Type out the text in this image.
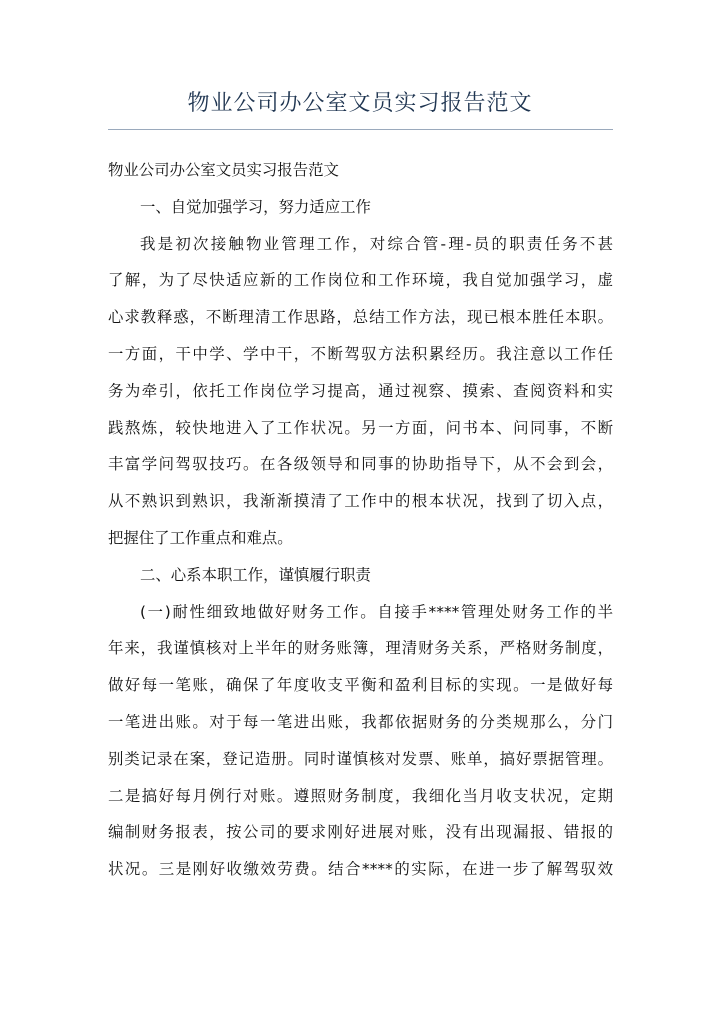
物业公司办公室文员实习报告范文
物业公司办公室文员实习报告范文
一、自觉加强学习，努力适应工作
我是初次接触物业管理工作，对综合管-理-员的职责任务不甚
了解，为了尽快适应新的工作岗位和工作环境，我自觉加强学习，虚
心求教释惑，不断理清工作思路，总结工作方法，现已根本胜任本职。
一方面，干中学、学中干，不断驾驭方法积累经历。我注意以工作任
务为牵引，依托工作岗位学习提高，通过视察、摸索、查阅资料和实
践熬炼，较快地进入了工作状况。另一方面，问书本、问同事，不断
丰富学问驾驭技巧。在各级领导和同事的协助指导下，从不会到会，
从不熟识到熟识，我渐渐摸清了工作中的根本状况，找到了切入点，
把握住了工作重点和难点。
二、心系本职工作，谨慎履行职责
(一)耐性细致地做好财务工作。自接手****管理处财务工作的半
年来，我谨慎核对上半年的财务账簿，理清财务关系，严格财务制度，
做好每一笔账，确保了年度收支平衡和盈利目标的实现。一是做好每
一笔进出账。对于每一笔进出账，我都依据财务的分类规那么，分门
别类记录在案，登记造册。同时谨慎核对发票、账单，搞好票据管理。
二是搞好每月例行对账。遵照财务制度，我细化当月收支状况，定期
编制财务报表，按公司的要求刚好进展对账，没有出现漏报、错报的
状况。三是刚好收缴效劳费。结合****的实际，在进一步了解驾驭效
